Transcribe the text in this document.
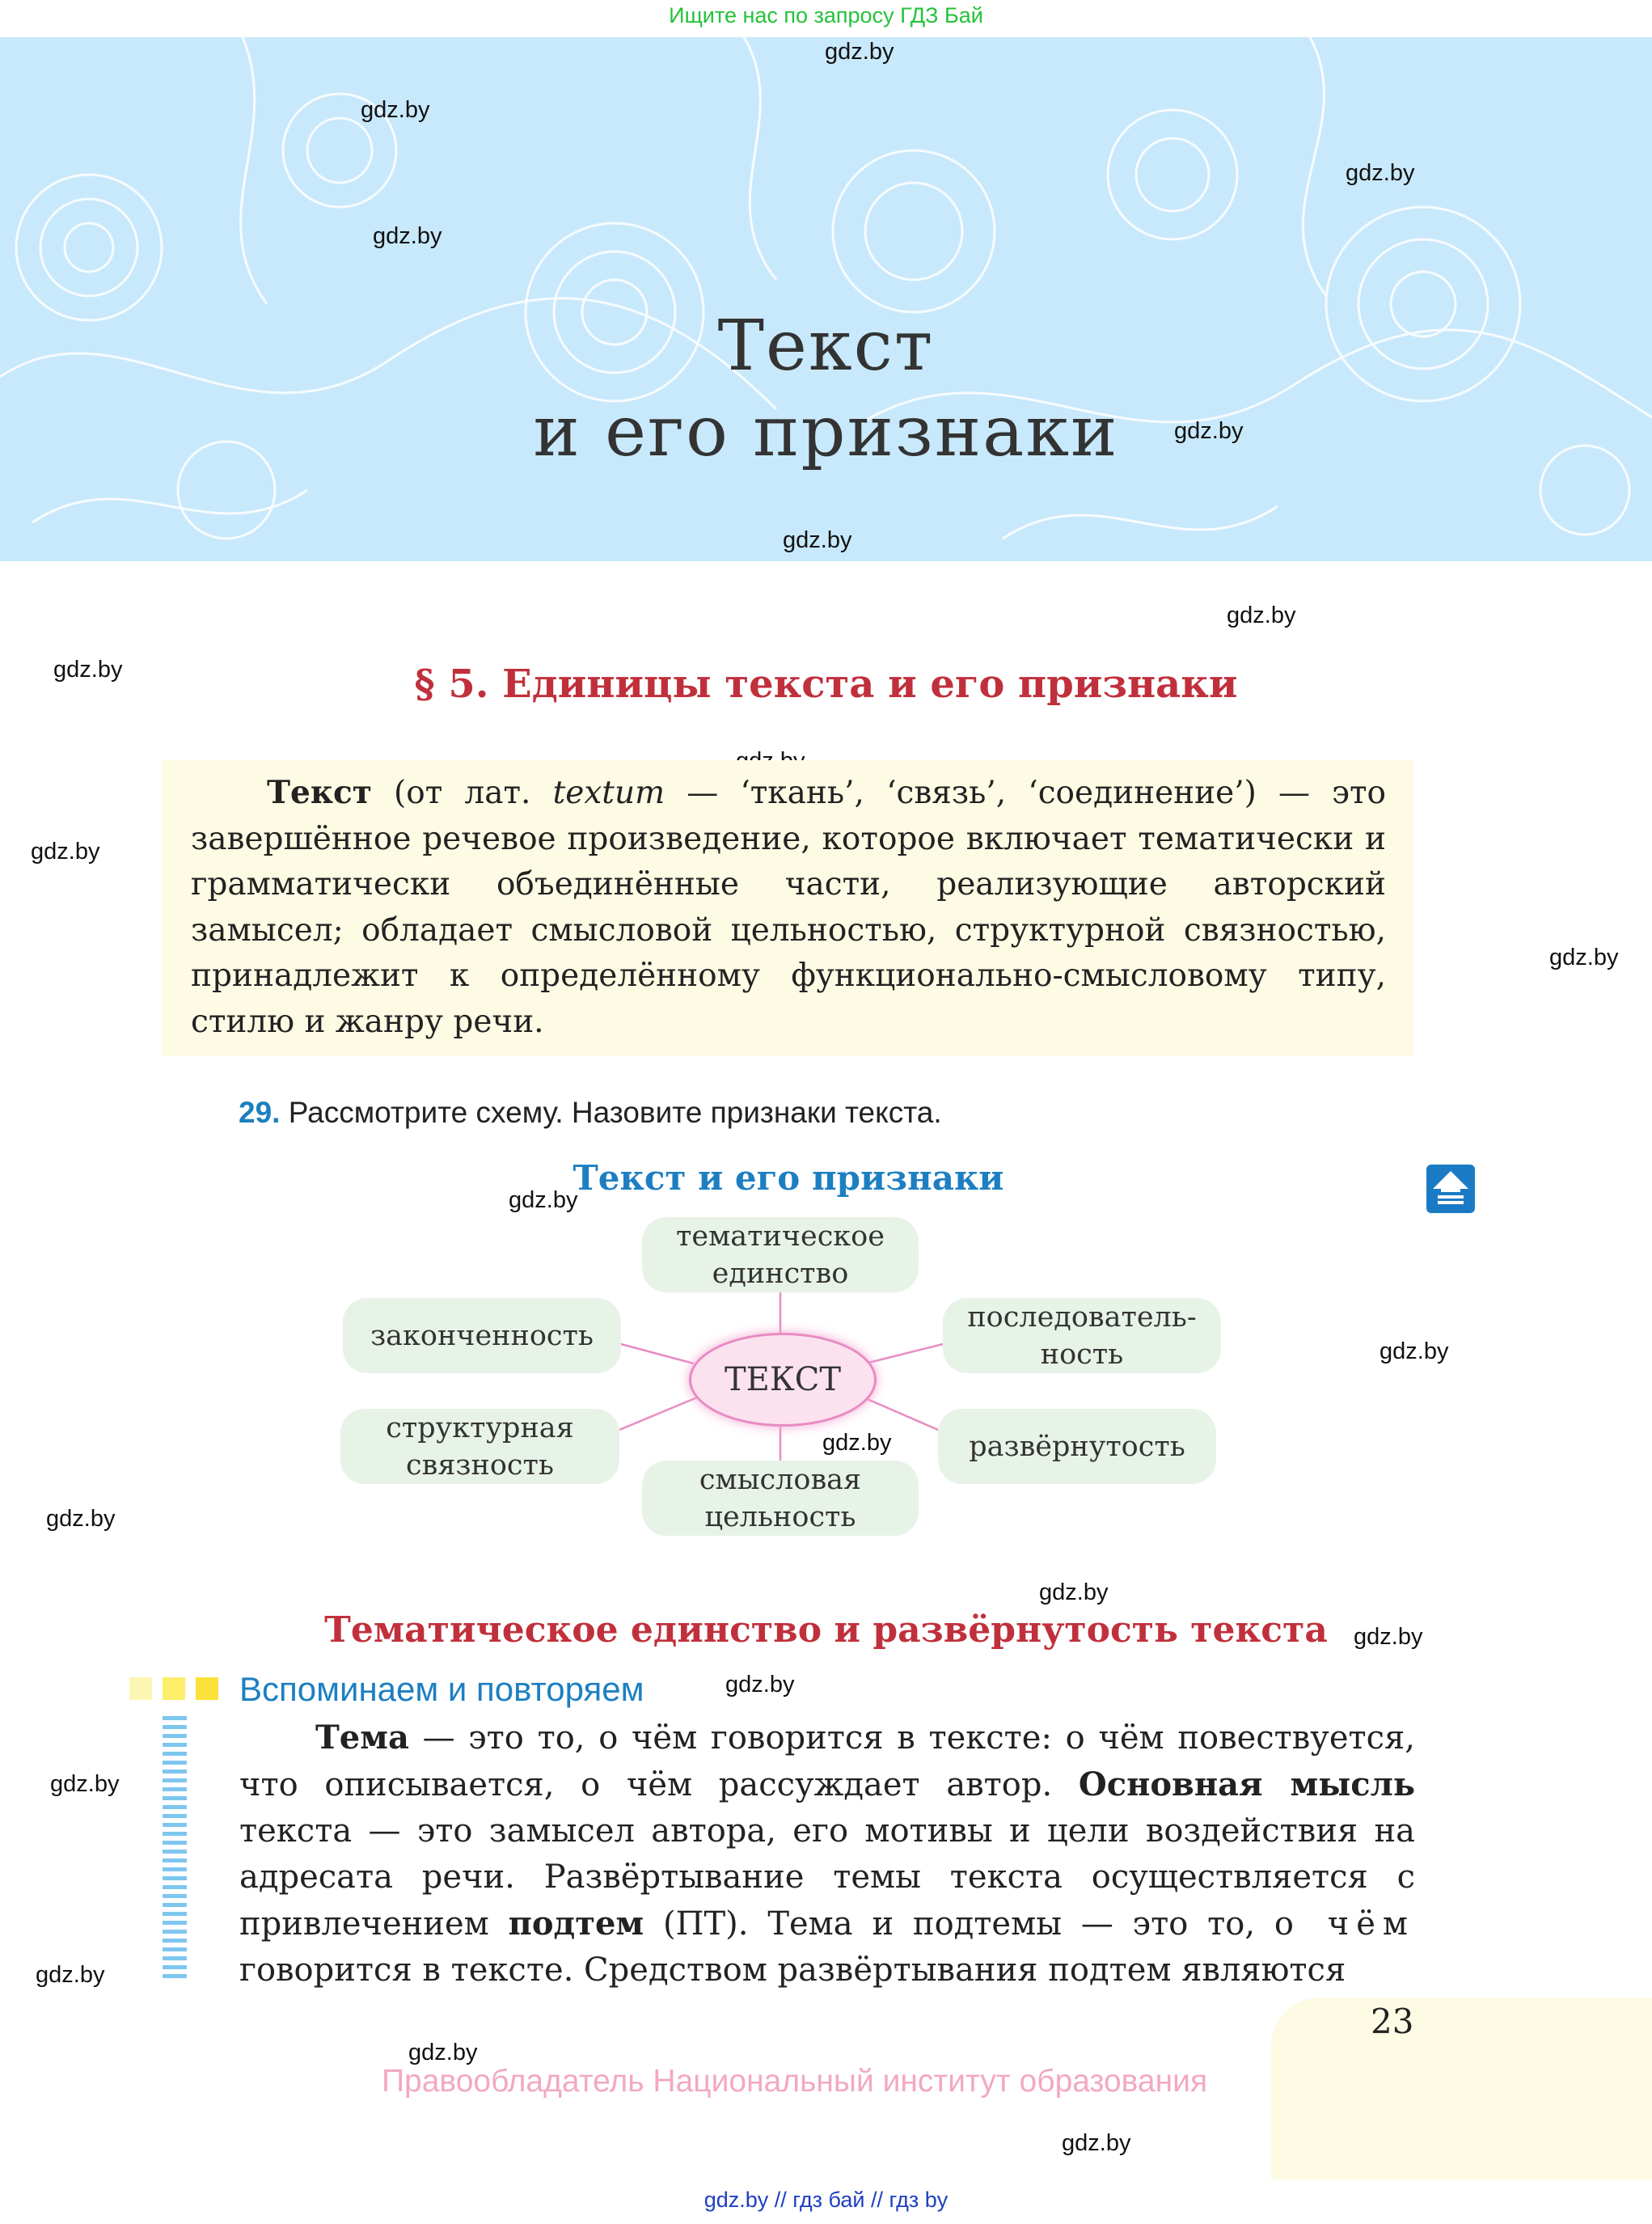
Ищите нас по запросу ГДЗ Бай
Текст
и его признаки
gdz.by
gdz.by
gdz.by
gdz.by
gdz.by
gdz.by
gdz.by
gdz.by
gdz.by
gdz.by
gdz.by
gdz.by
gdz.by
gdz.by
gdz.by
gdz.by
gdz.by
gdz.by
gdz.by
gdz.by
gdz.by
§ 5. Единицы текста и его признаки
Текст (от лат. textum — ‘ткань’, ‘связь’, ‘соединение’) — это завершённое речевое произведение, которое включает тематически и грамматически объединённые части, реализующие авторский замысел; обладает смысловой цельностью, структурной связностью, принадлежит к определённому функционально-смысловому типу, стилю и жанру речи.
29. Рассмотрите схему. Назовите признаки текста.
Текст и его признаки
тематическое
единство
последователь-
ность
развёрнутость
смысловая
цельность
структурная
связность
законченность
ТЕКСТ
Тематическое единство и развёрнутость текста
Вспоминаем и повторяем
Тема — это то, о чём говорится в тексте: о чём повествуется, что описывается, о чём рассуждает автор. Основная мысль текста — это замысел автора, его мотивы и цели воздействия на адресата речи. Развёртывание темы текста осуществляется с привлечением подтем (ПТ). Тема и подтемы — это то, о чём говорится в тексте. Средством развёртывания подтем являются
23
Правообладатель Национальный институт образования
gdz.by // гдз бай // гдз by
